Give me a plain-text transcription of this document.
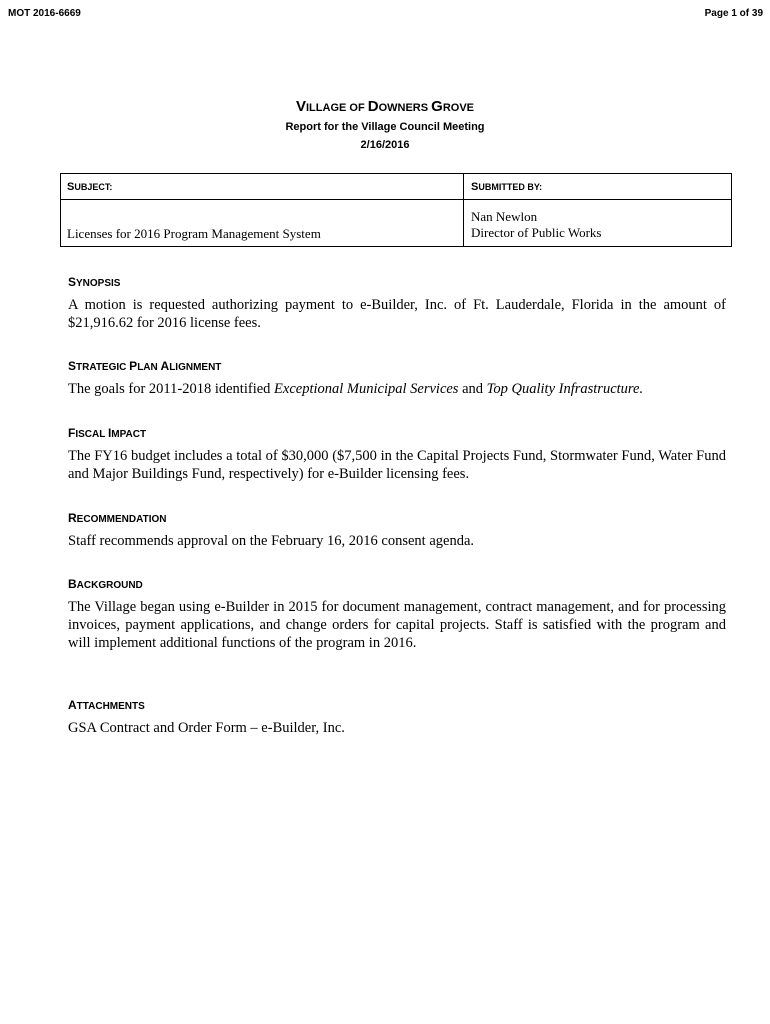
MOT 2016-6669	Page 1 of 39
VILLAGE OF DOWNERS GROVE
Report for the Village Council Meeting
2/16/2016
SUBJECT:	SUBMITTED BY:
Licenses for 2016 Program Management System
Nan Newlon
Director of Public Works
SYNOPSIS
A motion is requested authorizing payment to e-Builder, Inc. of Ft. Lauderdale, Florida in the amount of $21,916.62 for 2016 license fees.
STRATEGIC PLAN ALIGNMENT
The goals for 2011-2018 identified Exceptional Municipal Services and Top Quality Infrastructure.
FISCAL IMPACT
The FY16 budget includes a total of $30,000 ($7,500 in the Capital Projects Fund, Stormwater Fund, Water Fund and Major Buildings Fund, respectively) for e-Builder licensing fees.
RECOMMENDATION
Staff recommends approval on the February 16, 2016 consent agenda.
BACKGROUND
The Village began using e-Builder in 2015 for document management, contract management, and for processing invoices, payment applications, and change orders for capital projects. Staff is satisfied with the program and will implement additional functions of the program in 2016.
ATTACHMENTS
GSA Contract and Order Form – e-Builder, Inc.
